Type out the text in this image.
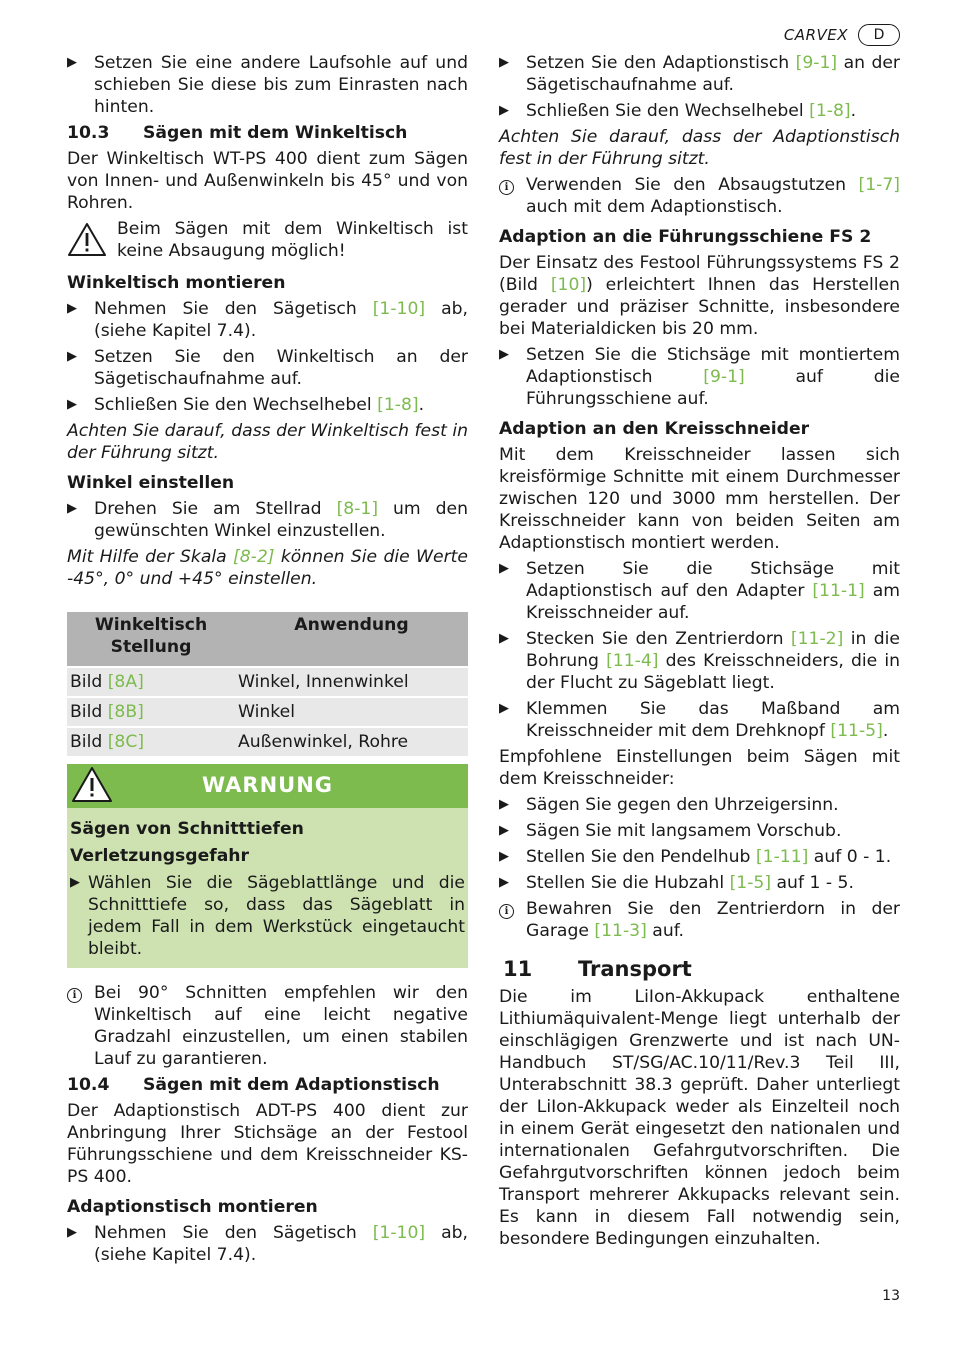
CARVEX	D
▶ Setzen Sie eine andere Laufsohle auf und schieben Sie diese bis zum Einrasten nach hinten.
10.3	Sägen mit dem Winkeltisch

Der Winkeltisch WT-PS 400 dient zum Sägen von Innen- und Außenwinkeln bis 45° und von Rohren.

Beim Sägen mit dem Winkeltisch ist keine Absaugung möglich!
Winkeltisch montieren
▶ Nehmen Sie den Sägetisch [1-10] ab, (siehe Kapitel 7.4).
▶ Setzen Sie den Winkeltisch an der Sägetischaufnahme auf.
▶ Schließen Sie den Wechselhebel [1-8].

Achten Sie darauf, dass der Winkeltisch fest in der Führung sitzt.

Winkel einstellen
▶ Drehen Sie am Stellrad [8-1] um den gewünschten Winkel einzustellen.

Mit Hilfe der Skala [8-2] können Sie die Werte -45°, 0° und +45° einstellen.

Winkeltisch Stellung	Anwendung
Bild [8A]	Winkel, Innenwinkel
Bild [8B]	Winkel
Bild [8C]	Außenwinkel, Rohre
WARNUNG
Sägen von Schnitttiefen
Verletzungsgefahr
▶ Wählen Sie die Sägeblattlänge und die Schnitttiefe so, dass das Sägeblatt in jedem Fall in dem Werkstück eingetaucht bleibt.
i	Bei 90° Schnitten empfehlen wir den Winkeltisch auf eine leicht negative Gradzahl einzustellen, um einen stabilen Lauf zu garantieren.
10.4	Sägen mit dem Adaptionstisch

Der Adaptionstisch ADT-PS 400 dient zur Anbringung Ihrer Stichsäge an der Festool Führungsschiene und dem Kreisschneider KS-PS 400.

Adaptionstisch montieren
▶ Nehmen Sie den Sägetisch [1-10] ab, (siehe Kapitel 7.4).
▶ Setzen Sie den Adaptionstisch [9-1] an der Sägetischaufnahme auf.
▶ Schließen Sie den Wechselhebel [1-8].

Achten Sie darauf, dass der Adaptionstisch fest in der Führung sitzt.

i	Verwenden Sie den Absaugstutzen [1-7] auch mit dem Adaptionstisch.
Adaption an die Führungsschiene FS 2

Der Einsatz des Festool Führungssystems FS 2 (Bild [10]) erleichtert Ihnen das Herstellen gerader und präziser Schnitte, insbesondere bei Materialdicken bis 20 mm.

▶ Setzen Sie die Stichsäge mit montiertem Adaptionstisch [9-1] auf die Führungsschiene auf.
Adaption an den Kreisschneider

Mit dem Kreisschneider lassen sich kreisförmige Schnitte mit einem Durchmesser zwischen 120 und 3000 mm herstellen. Der Kreisschneider kann von beiden Seiten am Adaptionstisch montiert werden.

▶ Setzen Sie die Stichsäge mit Adaptionstisch auf den Adapter [11-1] am Kreisschneider auf.
▶ Stecken Sie den Zentrierdorn [11-2] in die Bohrung [11-4] des Kreisschneiders, die in der Flucht zu Sägeblatt liegt.
▶ Klemmen Sie das Maßband am Kreisschneider mit dem Drehknopf [11-5].

Empfohlene Einstellungen beim Sägen mit dem Kreisschneider:

▶ Sägen Sie gegen den Uhrzeigersinn.
▶ Sägen Sie mit langsamem Vorschub.
▶ Stellen Sie den Pendelhub [1-11] auf 0 - 1.
▶ Stellen Sie die Hubzahl [1-5] auf 1 - 5.
i	Bewahren Sie den Zentrierdorn in der Garage [11-3] auf.
11	Transport

Die im LiIon-Akkupack enthaltene Lithiumäquivalent-Menge liegt unterhalb der einschlägigen Grenzwerte und ist nach UN-Handbuch ST/SG/AC.10/11/Rev.3 Teil III, Unterabschnitt 38.3 geprüft. Daher unterliegt der LiIon-Akkupack weder als Einzelteil noch in einem Gerät eingesetzt den nationalen und internationalen Gefahrgutvorschriften. Die Gefahrgutvorschriften können jedoch beim Transport mehrerer Akkupacks relevant sein. Es kann in diesem Fall notwendig sein, besondere Bedingungen einzuhalten.

13
